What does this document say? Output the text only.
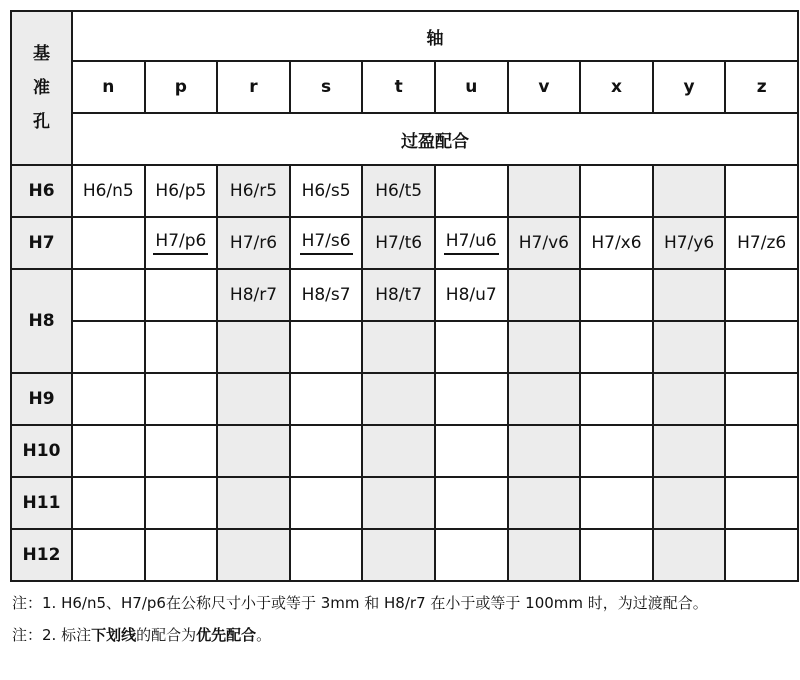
基
准
孔	轴									
	n	p	r	s	t	u	v	x	y	z
	过盈配合									
H6	H6/n5	H6/p5	H6/r5	H6/s5	H6/t5					
H7		H7/p6	H7/r6	H7/s6	H7/t6	H7/u6	H7/v6	H7/x6	H7/y6	H7/z6
H8			H8/r7	H8/s7	H8/t7	H8/u7				

H9										
H10										
H11										
H12										

注：1. H6/n5、H7/p6在公称尺寸小于或等于 3mm 和 H8/r7 在小于或等于 100mm 时，为过渡配合。

注：2. 标注下划线的配合为优先配合。
